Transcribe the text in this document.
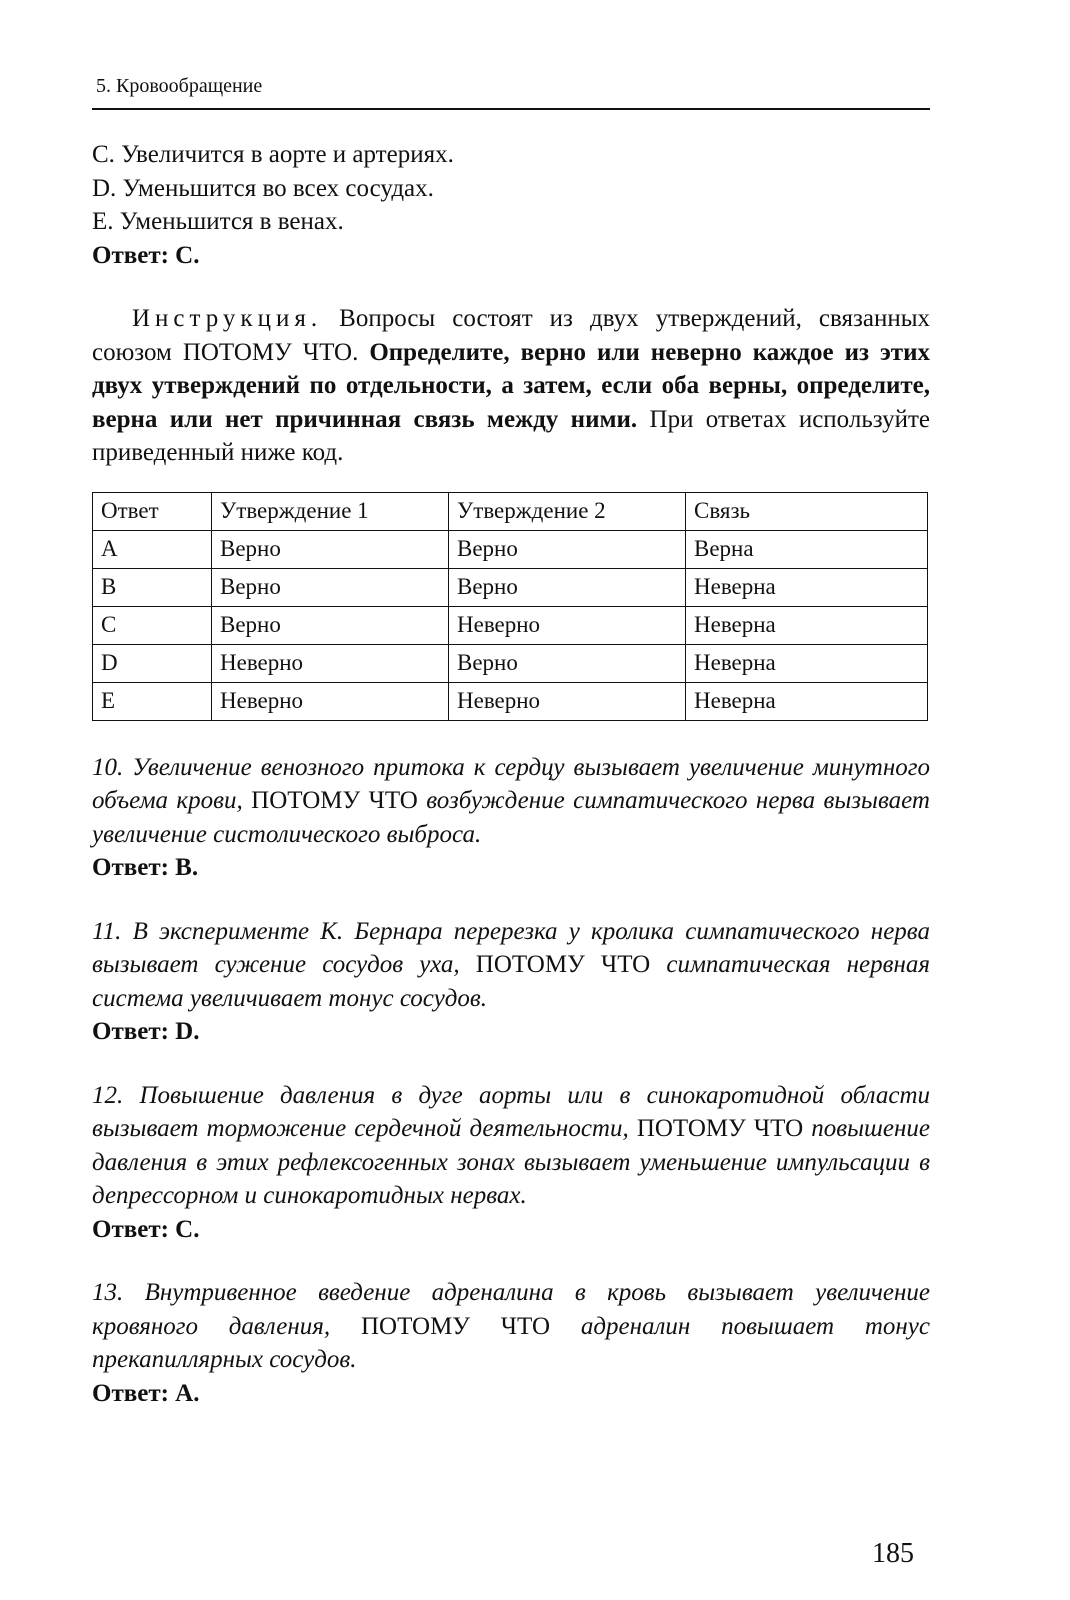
5. Кровообращение

C. Увеличится в аорте и артериях.

D. Уменьшится во всех сосудах.

E. Уменьшится в венах.

Ответ: С.

Инструкция. Вопросы состоят из двух утверждений, связанных союзом ПОТОМУ ЧТО. Определите, верно или неверно каждое из этих двух утверждений по отдельности, а затем, если оба верны, определите, верна или нет причинная связь между ними. При ответах используйте приведенный ниже код.

Ответ	Утверждение 1	Утверждение 2	Связь
A	Верно	Верно	Верна
B	Верно	Верно	Неверна
C	Верно	Неверно	Неверна
D	Неверно	Верно	Неверна
E	Неверно	Неверно	Неверна

10. Увеличение венозного притока к сердцу вызывает увеличение минутного объема крови, ПОТОМУ ЧТО возбуждение симпатического нерва вызывает увеличение систолического выброса.

Ответ: В.

11. В эксперименте К. Бернара перерезка у кролика симпатического нерва вызывает сужение сосудов уха, ПОТОМУ ЧТО симпатическая нервная система увеличивает тонус сосудов.

Ответ: D.

12. Повышение давления в дуге аорты или в синокаротидной области вызывает торможение сердечной деятельности, ПОТОМУ ЧТО повышение давления в этих рефлексогенных зонах вызывает уменьшение импульсации в депрессорном и синокаротидных нервах.

Ответ: С.

13. Внутривенное введение адреналина в кровь вызывает увеличение кровяного давления, ПОТОМУ ЧТО адреналин повышает тонус прекапиллярных сосудов.

Ответ: А.

185
